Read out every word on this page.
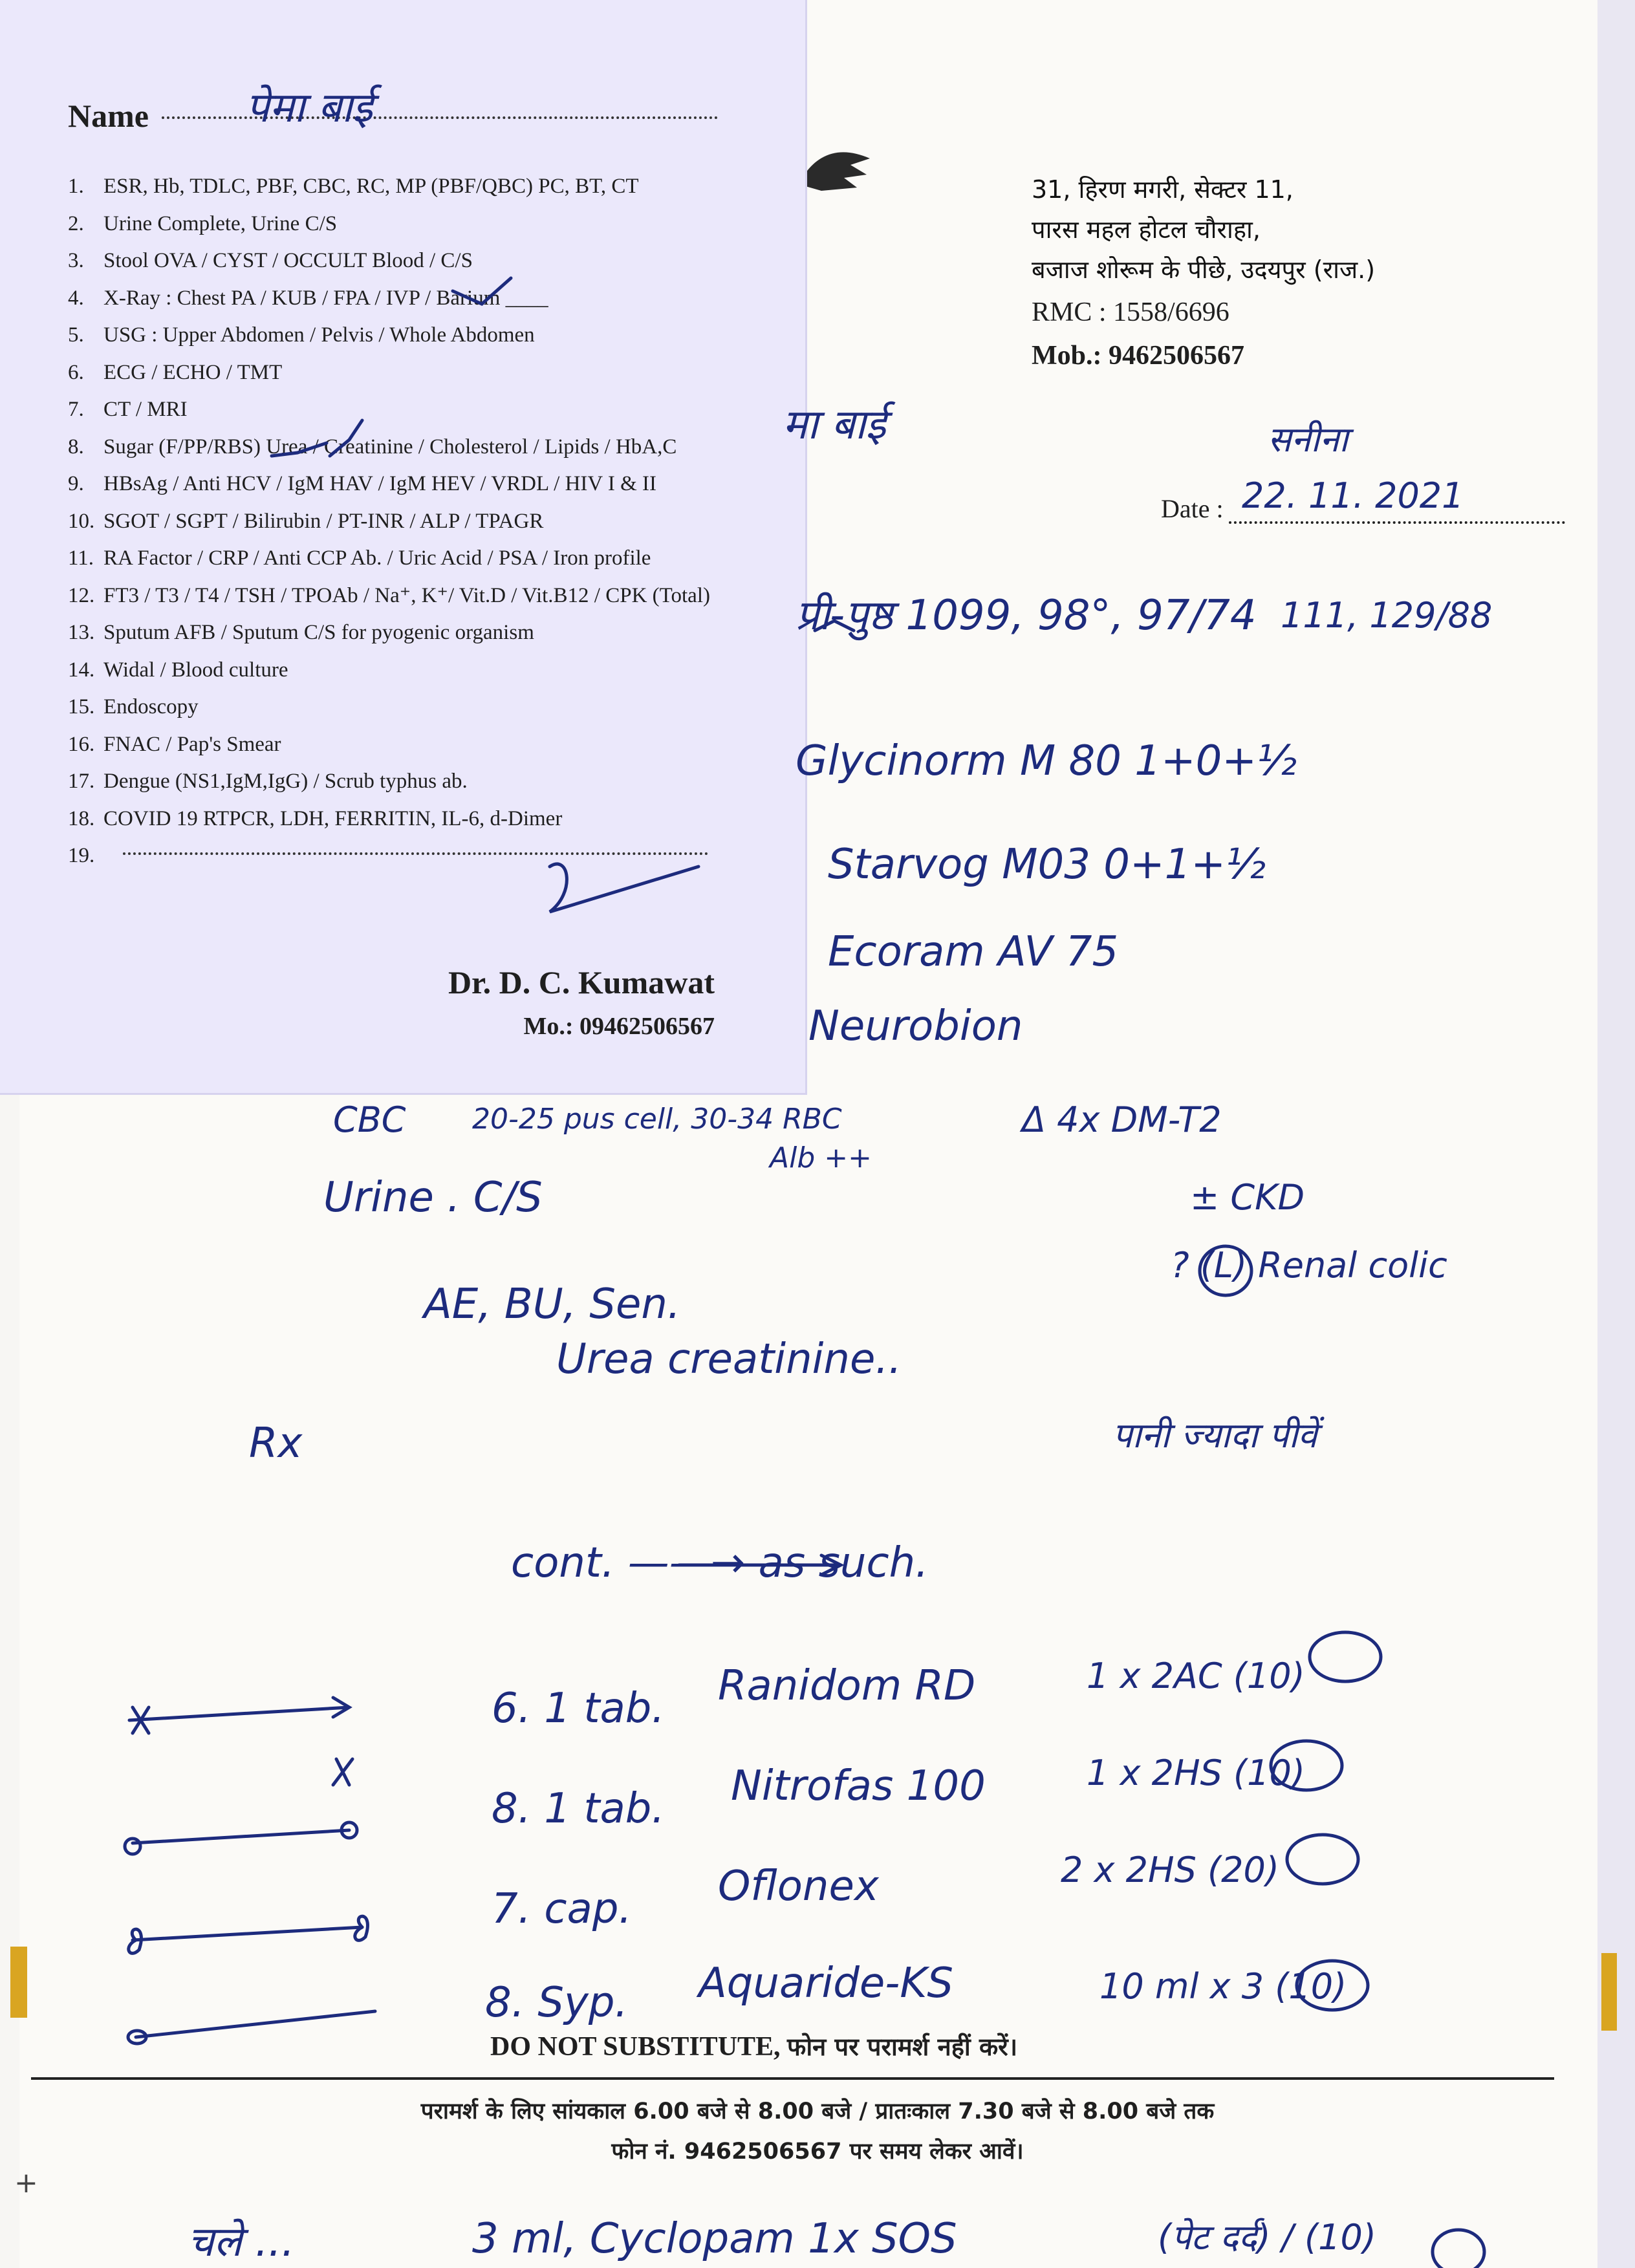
31, हिरण मगरी, सेक्टर 11,
पारस महल होटल चौराहा,
बजाज शोरूम के पीछे, उदयपुर (राज.)
RMC : 1558/6696
Mob.: 9462506567
Date :
Name
1. ESR, Hb, TDLC, PBF, CBC, RC, MP (PBF/QBC) PC, BT, CT
2. Urine Complete, Urine C/S
3. Stool OVA / CYST / OCCULT Blood / C/S
4. X-Ray : Chest PA / KUB / FPA / IVP / Barium ____
5. USG : Upper Abdomen / Pelvis / Whole Abdomen
6. ECG / ECHO / TMT
7. CT / MRI
8. Sugar (F/PP/RBS) Urea / Creatinine / Cholesterol / Lipids / HbA,C
9. HBsAg / Anti HCV / IgM HAV / IgM HEV / VRDL / HIV I & II
10. SGOT / SGPT / Bilirubin / PT-INR / ALP / TPAGR
11. RA Factor / CRP / Anti CCP Ab. / Uric Acid / PSA / Iron profile
12. FT3 / T3 / T4 / TSH / TPOAb / Na⁺, K⁺/ Vit.D / Vit.B12 / CPK (Total)
13. Sputum AFB / Sputum C/S for pyogenic organism
14. Widal / Blood culture
15. Endoscopy
16. FNAC / Pap's Smear
17. Dengue (NS1,IgM,IgG) / Scrub typhus ab.
18. COVID 19 RTPCR, LDH, FERRITIN, IL-6, d-Dimer
19.
Dr. D. C. Kumawat
Mo.: 09462506567
पेमा बाई
मा बाई	सनीना
22. 11. 2021
प्री-पुष्ठ 1099, 98°, 97/74 111, 129/88
Glycinorm M 80 1+0+½
Starvog M03 0+1+½
Ecoram AV 75
Neurobion
CBC 20-25 pus cell, 30-34 RBC
Alb ++
Urine . C/S
Δ 4x DM-T2
± CKD
? (L) Renal colic
AE, BU, Sen.
Urea creatinine..
Rx	पानी ज्यादा पीवें
cont. ——→ as such.
6. 1 tab. Ranidom RD	1 x 2AC (10)
8. 1 tab. Nitrofas 100	1 x 2HS (10)
7. cap. Oflonex	2 x 2HS (20)
8. Syp. Aquaride-KS	10 ml x 3 (10)
DO NOT SUBSTITUTE, फोन पर परामर्श नहीं करें।
परामर्श के लिए सांयकाल 6.00 बजे से 8.00 बजे / प्रातःकाल 7.30 बजे से 8.00 बजे तक
फोन नं. 9462506567 पर समय लेकर आवें।
चले ...	3 ml, Cyclopam 1x SOS	(पेट दर्द) / (10)
+
